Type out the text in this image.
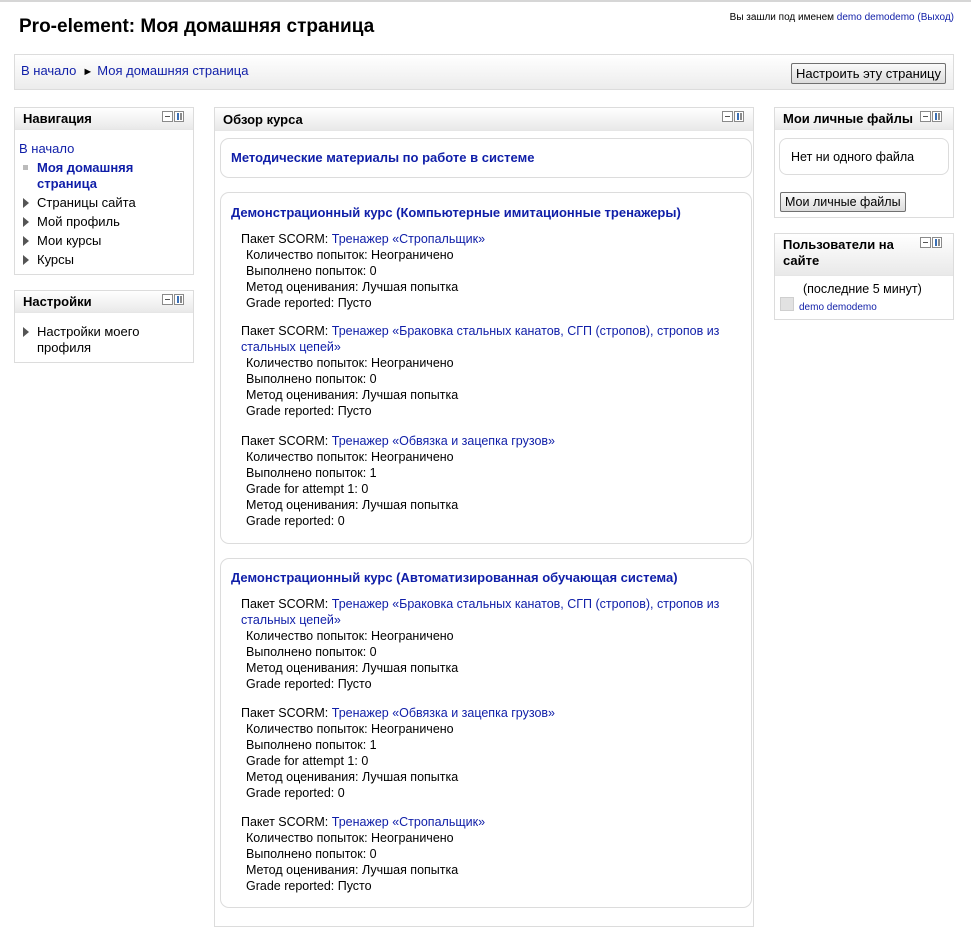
Pro-element: Моя домашняя страница	Вы зашли под именем demo demodemo (Выход)
В начало ► Моя домашняя страница	Настроить эту страницу
Навигация
В начало
Моя домашняя страница
Страницы сайта
Мой профиль
Мои курсы
Курсы
Настройки
Настройки моего профиля
Обзор курса
Методические материалы по работе в системе
Демонстрационный курс (Компьютерные имитационные тренажеры)
Пакет SCORM: Тренажер «Стропальщик»
Количество попыток: Неограничено
Выполнено попыток: 0
Метод оценивания: Лучшая попытка
Grade reported: Пусто
Пакет SCORM: Тренажер «Браковка стальных канатов, СГП (стропов), стропов из
стальных цепей»
Количество попыток: Неограничено
Выполнено попыток: 0
Метод оценивания: Лучшая попытка
Grade reported: Пусто
Пакет SCORM: Тренажер «Обвязка и зацепка грузов»
Количество попыток: Неограничено
Выполнено попыток: 1
Grade for attempt 1: 0
Метод оценивания: Лучшая попытка
Grade reported: 0
Демонстрационный курс (Автоматизированная обучающая система)
Пакет SCORM: Тренажер «Браковка стальных канатов, СГП (стропов), стропов из
стальных цепей»
Количество попыток: Неограничено
Выполнено попыток: 0
Метод оценивания: Лучшая попытка
Grade reported: Пусто
Пакет SCORM: Тренажер «Обвязка и зацепка грузов»
Количество попыток: Неограничено
Выполнено попыток: 1
Grade for attempt 1: 0
Метод оценивания: Лучшая попытка
Grade reported: 0
Пакет SCORM: Тренажер «Стропальщик»
Количество попыток: Неограничено
Выполнено попыток: 0
Метод оценивания: Лучшая попытка
Grade reported: Пусто
Мои личные файлы
Нет ни одного файла
Мои личные файлы
Пользователи на
сайте
(последние 5 минут)
demo demodemo
